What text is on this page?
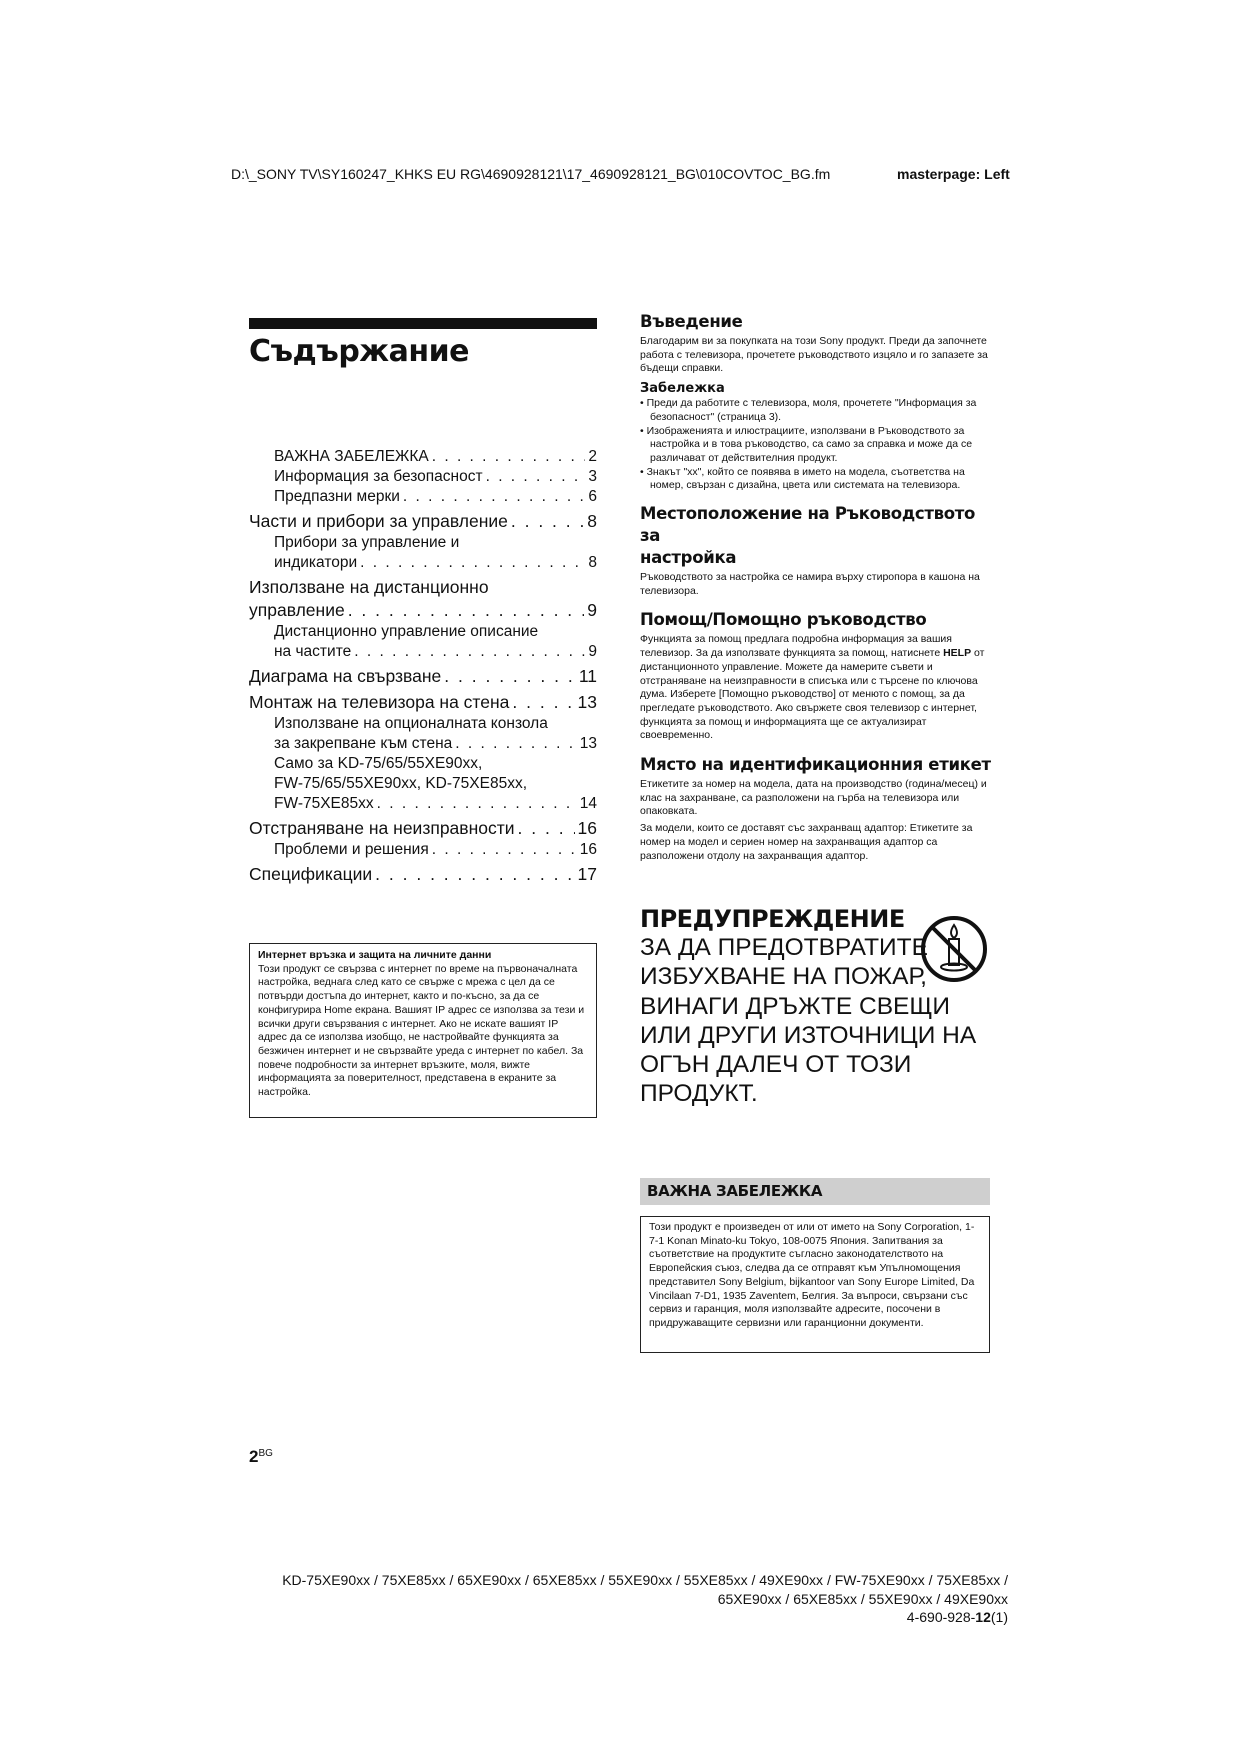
D:\_SONY TV\SY160247_KHKS EU RG\4690928121\17_4690928121_BG\010COVTOC_BG.fm	masterpage: Left
Съдържание
ВАЖНА ЗАБЕЛЕЖКА . . .	2
Информация за безопасност . . .	3
Предпазни мерки . . .	6
Части и прибори за управление . . .	8
Прибори за управление и
индикатори . . .	8
Използване на дистанционно
управление . . .	9
Дистанционно управление описание
на частите . . .	9
Диаграма на свързване . . .	11
Монтаж на телевизора на стена . . .	13
Използване на опционалната конзола
за закрепване към стена . . .	13
Само за KD-75/65/55XE90xx,
FW-75/65/55XE90xx, KD-75XE85xx,
FW-75XE85xx . . .	14
Отстраняване на неизправности . . .	16
Проблеми и решения . . .	16
Спецификации . . .	17
Интернет връзка и защита на личните данни
Този продукт се свързва с интернет по време на първоначалната настройка, веднага след като се свърже с мрежа с цел да се потвърди достъпа до интернет, както и по-късно, за да се конфигурира Home екрана. Вашият IP адрес се използва за тези и всички други свързвания с интернет. Ако не искате вашият IP адрес да се използва изобщо, не настройвайте функцията за безжичен интернет и не свързвайте уреда с интернет по кабел. За повече подробности за интернет връзките, моля, вижте информацията за поверителност, представена в екраните за настройка.
Въведение
Благодарим ви за покупката на този Sony продукт. Преди да започнете работа с телевизора, прочетете ръководството изцяло и го запазете за бъдещи справки.
Забележка
• Преди да работите с телевизора, моля, прочетете "Информация за безопасност" (страница 3).
• Изображенията и илюстрациите, използвани в Ръководството за настройка и в това ръководство, са само за справка и може да се различават от действителния продукт.
• Знакът "xx", който се появява в името на модела, съответства на номер, свързан с дизайна, цвета или системата на телевизора.
Местоположение на Ръководството за
настройка
Ръководството за настройка се намира върху стиропора в кашона на телевизора.
Помощ/Помощно ръководство
Функцията за помощ предлага подробна информация за вашия телевизор. За да използвате функцията за помощ, натиснете HELP от дистанционното управление. Можете да намерите съвети и отстраняване на неизправности в списъка или с търсене по ключова дума. Изберете [Помощно ръководство] от менюто с помощ, за да прегледате ръководството. Ако свържете своя телевизор с интернет, функцията за помощ и информацията ще се актуализират своевременно.
Място на идентификационния етикет
Етикетите за номер на модела, дата на производство (година/месец) и клас на захранване, са разположени на гърба на телевизора или опаковката.
За модели, които се доставят със захранващ адаптор: Етикетите за номер на модел и сериен номер на захранващия адаптор са разположени отдолу на захранващия адаптор.
ПРЕДУПРЕЖДЕНИЕ
ЗА ДА ПРЕДОТВРАТИТЕ ИЗБУХВАНЕ НА ПОЖАР, ВИНАГИ ДРЪЖТЕ СВЕЩИ ИЛИ ДРУГИ ИЗТОЧНИЦИ НА ОГЪН ДАЛЕЧ ОТ ТОЗИ ПРОДУКТ.
ВАЖНА ЗАБЕЛЕЖКА
Този продукт е произведен от или от името на Sony Corporation, 1-7-1 Konan Minato-ku Tokyo, 108-0075 Япония. Запитвания за съответствие на продуктите съгласно законодателството на Европейския съюз, следва да се отправят към Упълномощения представител Sony Belgium, bijkantoor van Sony Europe Limited, Da Vincilaan 7-D1, 1935 Zaventem, Белгия. За въпроси, свързани със сервиз и гаранция, моля използвайте адресите, посочени в придружаващите сервизни или гаранционни документи.
$2^{BG}$
KD-75XE90xx / 75XE85xx / 65XE90xx / 65XE85xx / 55XE90xx / 55XE85xx / 49XE90xx / FW-75XE90xx / 75XE85xx /
65XE90xx / 65XE85xx / 55XE90xx / 49XE90xx
4-690-928-12(1)
